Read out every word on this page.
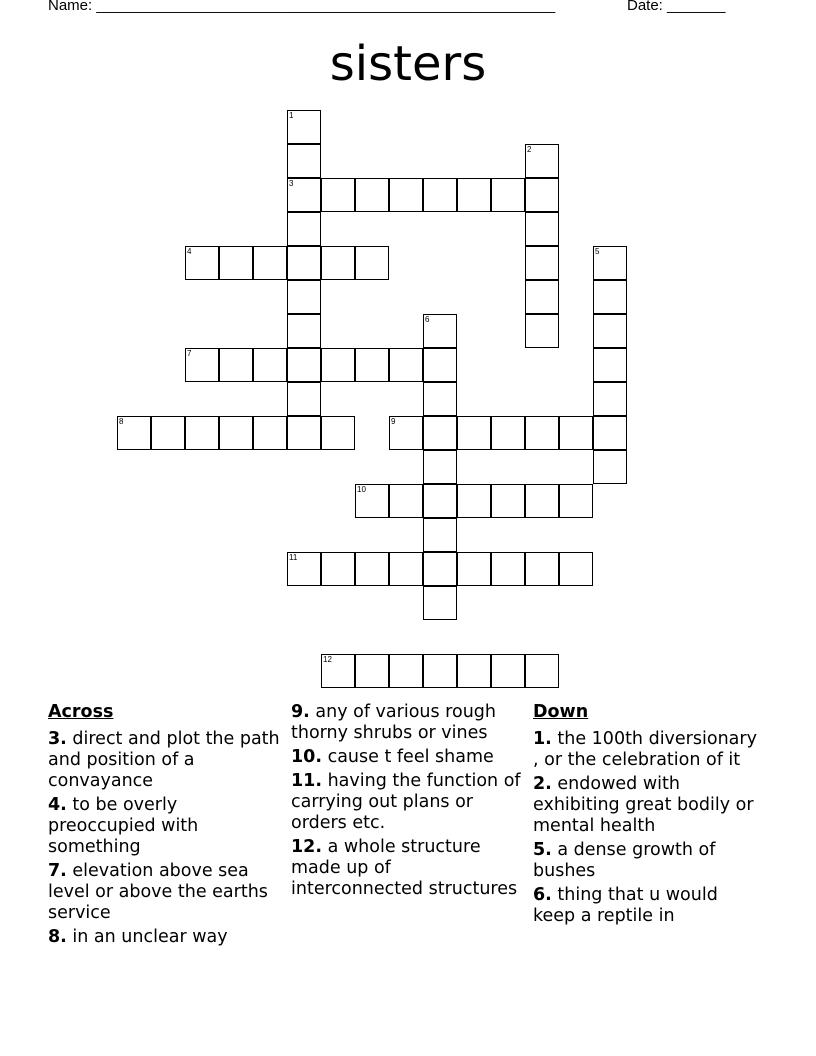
Name: _______________________________________________________	Date: _______
sisters
1
3
2
4	5
6
7
8	9
10
11
12
Across
3. direct and plot the path and position of a convayance
4. to be overly preoccupied with something
7. elevation above sea level or above the earths service
8. in an unclear way
9. any of various rough thorny shrubs or vines
10. cause t feel shame
11. having the function of carrying out plans or orders etc.
12. a whole structure made up of interconnected structures
Down
1. the 100th diversionary , or the celebration of it
2. endowed with exhibiting great bodily or mental health
5. a dense growth of bushes
6. thing that u would keep a reptile in
